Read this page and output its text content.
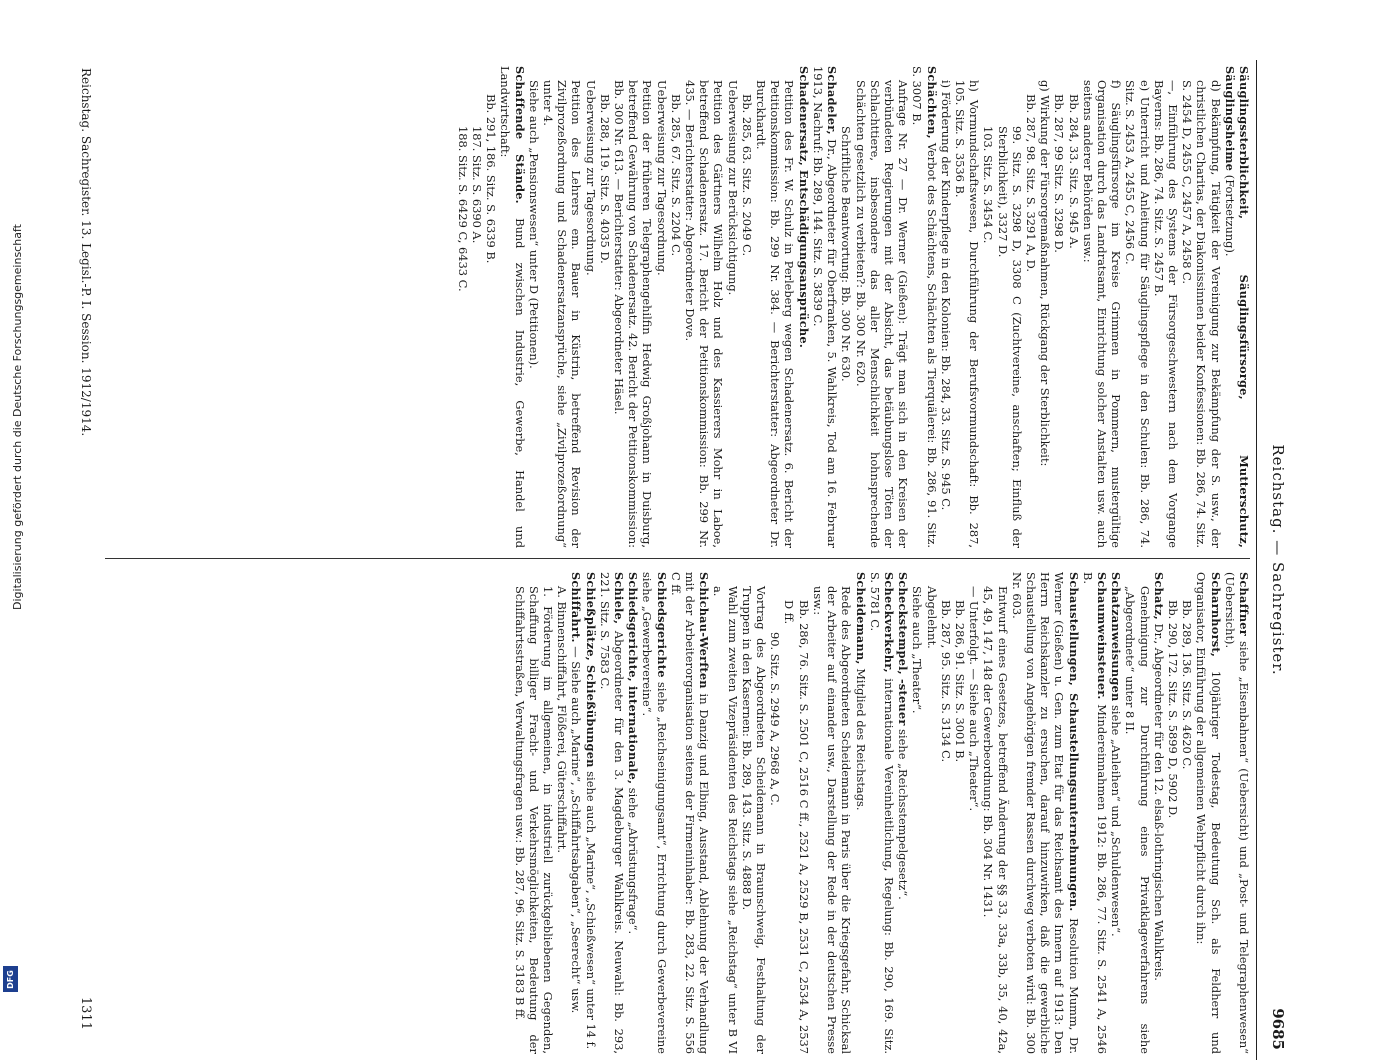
Digitalisierung gefördert durch die Deutsche Forschungsgemeinschaft
DFG
Reichstag. — Sachregister.
9685

Säuglingssterblichkeit, Säuglingsfürsorge, Mutterschutz, Säuglingsheime (Fortsetzung).

d) Bekämpfung, Tätigkeit der Vereinigung zur Bekämpfung der S. usw., der christlichen Charitas, der Diakonissinnen beider Konfessionen: Bb. 286, 74. Sitz. S. 2454 D, 2455 C, 2457 A, 2458 C.

—, Einführung des Systems der Fürsorgeschwestern nach dem Vorgange Bayerns: Bb. 286, 74. Sitz. S. 2457 B.

e) Unterricht und Anleitung für Säuglingspflege in den Schulen: Bb. 286, 74. Sitz. S. 2453 A, 2455 C, 2456 C.

f) Säuglingsfürsorge im Kreise Grimmen in Pommern, mustergültige Organisation durch das Landratsamt, Einrichtung solcher Anstalten usw. auch seitens anderer Behörden usw.:

Bb. 284, 33. Sitz. S. 945 A.

Bb. 287, 99 Sitz. S. 3298 D.

g) Wirkung der Fürsorgemaßnahmen, Rückgang der Sterblichkeit:

Bb. 287, 98. Sitz. S. 3291 A, D.

99. Sitz. S. 3298 D, 3308 C (Zuchtvereine, anschaften; Einfluß der Sterblichkeit), 3327 D.

103. Sitz. S. 3454 C.

h) Vormundschaftswesen, Durchführung der Berufsvormundschaft: Bb. 287, 105. Sitz. S. 3536 B.

i) Förderung der Kinderpflege in den Kolonien: Bb. 284, 33. Sitz. S. 945 C.

Schächten, Verbot des Schächtens, Schächten als Tierquälerei: Bb. 286, 91. Sitz. S. 3007 B.

Anfrage Nr. 27 — Dr. Werner (Gießen): Trägt man sich in den Kreisen der verbündeten Regierungen mit der Absicht, das betäubungslose Töten der Schlachttiere, insbesondere das aller Menschlichkeit hohnsprechende Schächten gesetzlich zu verbieten?: Bb. 300 Nr. 620.

Schriftliche Beantwortung: Bb. 300 Nr. 630.

Schadeler, Dr., Abgeordneter für Oberfranken, 5. Wahlkreis, Tod am 16. Februar 1913, Nachruf: Bb. 289, 144. Sitz. S. 3839 C.

Schadenersatz, Entschädigungsansprüche.

Petition des Fr. W. Schulz in Perleberg wegen Schadenersatz. 6. Bericht der Petitionskommission: Bb. 299 Nr. 384. — Berichterstatter: Abgeordneter Dr. Burckhardt.

Bb. 285, 63. Sitz. S. 2049 C.

Ueberweisung zur Berücksichtigung.

Petition des Gärtners Wilhelm Holz und des Kassierers Mohr in Laboe, betreffend Schadenersatz. 17. Bericht der Petitionskommission: Bb. 299 Nr. 435. — Berichterstatter: Abgeordneter Dove.

Bb. 285, 67. Sitz. S. 2204 C.

Ueberweisung zur Tagesordnung.

Petition der früheren Telegraphengehilfin Hedwig Großjohann in Duisburg, betreffend Gewährung von Schadenersatz. 42. Bericht der Petitionskommission: Bb. 300 Nr. 613. — Berichterstatter: Abgeordneter Häsel.

Bb. 288, 119. Sitz. S. 4035 D.

Ueberweisung zur Tagesordnung.

Petition des Lehrers em. Bauer in Küstrin, betreffend Revision der Zivilprozeßordnung und Schadenersatzansprüche, siehe „Zivilprozeßordnung“ unter 4.

Siehe auch „Pensionswesen“ unter D (Petitionen).

Schaffende Stände. Bund zwischen Industrie, Gewerbe, Handel und Landwirtschaft:

Bb. 291, 186. Sitz. S. 6339 B.

187. Sitz. S. 6390 A.

188. Sitz. S. 6429 C, 6433 C.

Schaffner siehe „Eisenbahnen“ (Uebersicht) und „Post- und Telegraphenwesen“ (Uebersicht).

Scharnhorst, 100jähriger Todestag, Bedeutung Sch. als Feldherr und Organisator, Einführung der allgemeinen Wehrpflicht durch ihn:

Bb. 289, 136. Sitz. S. 4620 C.

Bb. 290, 172. Sitz. S. 5899 D, 5902 D.

Schatz, Dr., Abgeordneter für den 12. elsaß-lothringischen Wahlkreis.

Genehmigung zur Durchführung eines Privatklageverfahrens siehe „Abgeordnete“ unter 8 II.

Schatzanweisungen siehe „Anleihen“ und „Schuldenwesen“.

Schaumweinsteuer. Mindereinnahmen 1912: Bb. 286, 77. Sitz. S. 2541 A, 2546 B.

Schaustellungen, Schaustellungsunternehmungen. Resolution Mumm, Dr. Werner (Gießen) u. Gen. zum Etat für das Reichsamt des Innern auf 1913: Den Herrn Reichskanzler zu ersuchen, darauf hinzuwirken, daß die gewerbliche Schaustellung von Angehörigen fremder Rassen durchweg verboten wird: Bb. 300 Nr. 603.

Entwurf eines Gesetzes, betreffend Änderung der §§ 33, 33a, 33b, 35, 40, 42a, 45, 49, 147, 148 der Gewerbeordnung: Bb. 304 Nr. 1431.

— Unterfolgt. — Siehe auch „Theater“.

Bb. 286, 91. Sitz. S. 3001 B.

Bb. 287, 95. Sitz. S. 3134 C.

Abgelehnt.

Siehe auch „Theater“.

Scheckstempel, -steuer siehe „Reichsstempelgesetz“.

Scheckverkehr, internationale Vereinheitlichung, Regelung: Bb. 290, 169. Sitz. S. 5781 C.

Scheidemann, Mitglied des Reichstags.

Rede des Abgeordneten Scheidemann in Paris über die Kriegsgefahr, Schicksal der Arbeiter auf einander usw., Darstellung der Rede in der deutschen Presse usw.:

Bb. 286, 76. Sitz. S. 2501 C, 2516 C ff., 2521 A, 2529 B, 2531 C, 2534 A, 2537 D ff.

90. Sitz. S. 2949 A, 2968 A, C.

Vortrag des Abgeordneten Scheidemann in Braunschweig, Festhaltung der Truppen in den Kasernen: Bb. 289, 143. Sitz. S. 4888 D.

Wahl zum zweiten Vizepräsidenten des Reichstags siehe „Reichstag“ unter B VI a.

Schichau-Werften in Danzig und Elbing, Ausstand, Ablehnung der Verhandlung mit der Arbeiterorganisation seitens der Firmeninhaber: Bb. 283, 22. Sitz. S. 556 C ff.

Schiedsgerichte siehe „Reichseinigungsamt“, Errichtung durch Gewerbevereine siehe „Gewerbevereine“.

Schiedsgerichte, internationale, siehe „Abrüstungsfrage“.

Schiele, Abgeordneter für den 3. Magdeburger Wahlkreis. Neuwahl: Bb. 293, 221. Sitz. S. 7583 C.

Schießplätze, Schießübungen siehe auch „Marine“, „Schießwesen“ unter 14 f.

Schiffahrt. — Siehe auch „Marine“, „Schiffahrtsabgaben“, „Seerecht“ usw.

A. Binnenschiffahrt, Flößerei, Güterschiffahrt.

1. Förderung im allgemeinen, in industriell zurückgebliebenen Gegenden, Schaffung billiger Fracht- und Verkehrsmöglichkeiten, Bedeutung der Schiffahrtsstraßen, Verwaltungsfragen usw.: Bb. 287, 96. Sitz. S. 3183 B ff.

Reichstag. Sachregister. 13. Legisl.-P. I. Session. 1912/1914.
1311
